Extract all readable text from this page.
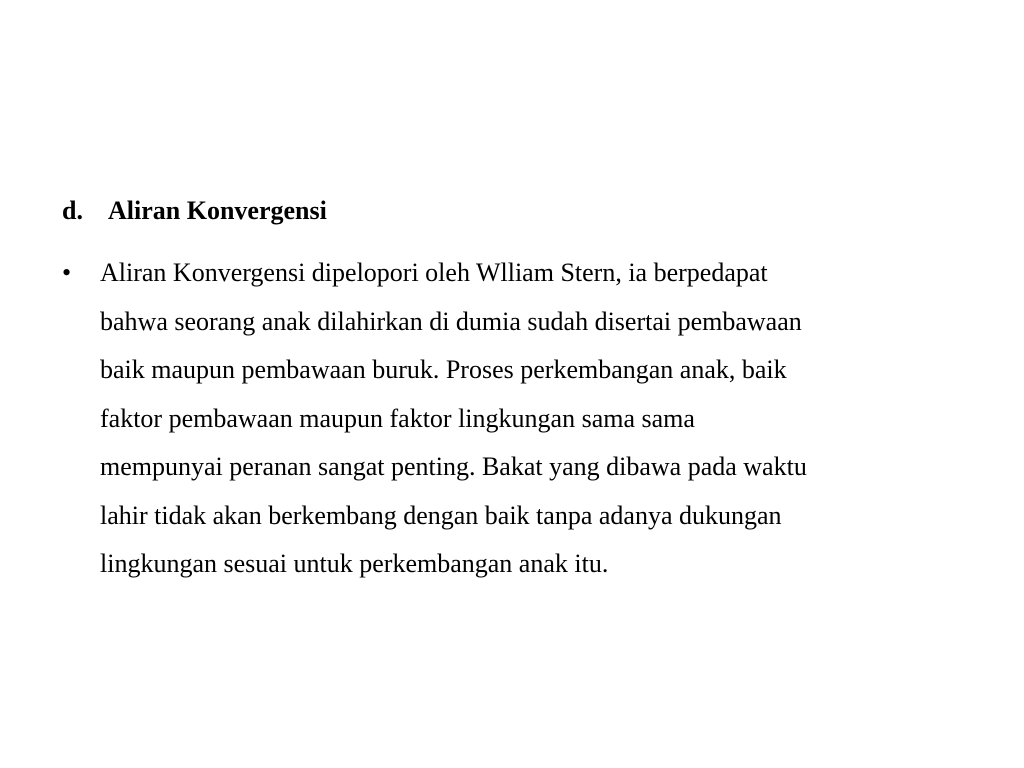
d. Aliran Konvergensi
• Aliran Konvergensi dipelopori oleh Wlliam Stern, ia berpedapat
bahwa seorang anak dilahirkan di dumia sudah disertai pembawaan
baik maupun pembawaan buruk. Proses perkembangan anak, baik
faktor pembawaan maupun faktor lingkungan sama sama
mempunyai peranan sangat penting. Bakat yang dibawa pada waktu
lahir tidak akan berkembang dengan baik tanpa adanya dukungan
lingkungan sesuai untuk perkembangan anak itu.
